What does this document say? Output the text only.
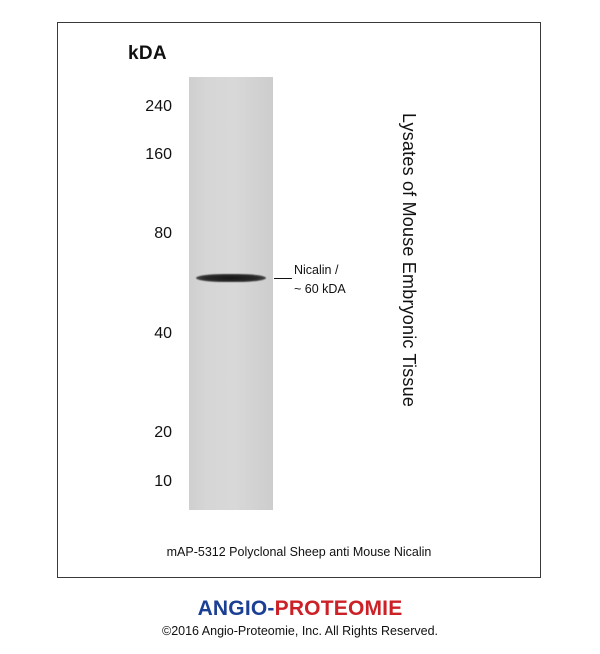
kDA
240
160
80
40
20
10
Nicalin /
~ 60 kDA	Lysates of Mouse Embryonic Tissue
mAP-5312 Polyclonal Sheep anti Mouse Nicalin
ANGIO-PROTEOMIE
©2016 Angio-Proteomie, Inc. All Rights Reserved.
